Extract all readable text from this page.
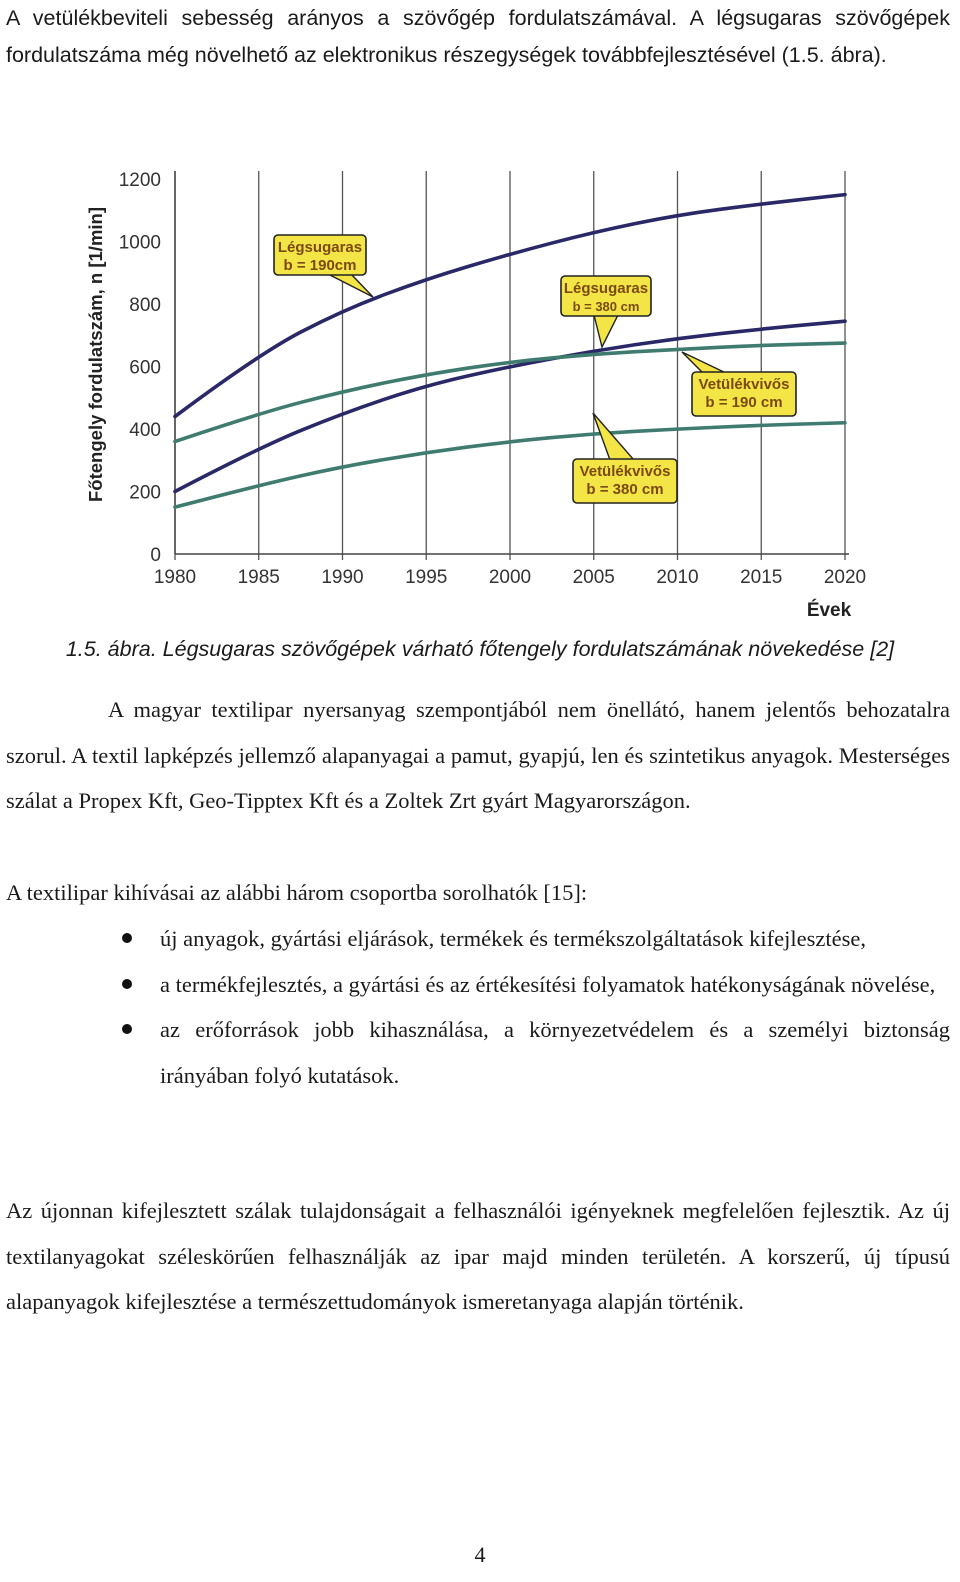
A vetülékbeviteli sebesség arányos a szövőgép fordulatszámával. A légsugaras szövőgépek fordulatszáma még növelhető az elektronikus részegységek továbbfejlesztésével (1.5. ábra).

1980 1985 1990 1995 2000 2005 2010 2015 2020
0
200
400
600
800
1000
1200
Évek
Főtengely fordulatszám, n [1/min]	Légsugaras
b = 190cm
Légsugaras
b = 380 cm
Vetülékvivős
b = 190 cm
Vetülékvivős
b = 380 cm

1.5. ábra. Légsugaras szövőgépek várható főtengely fordulatszámának növekedése [2]

A magyar textilipar nyersanyag szempontjából nem önellátó, hanem jelentős behozatalra szorul. A textil lapképzés jellemző alapanyagai a pamut, gyapjú, len és szintetikus anyagok. Mesterséges szálat a Propex Kft, Geo-Tipptex Kft és a Zoltek Zrt gyárt Magyarországon.

A textilipar kihívásai az alábbi három csoportba sorolhatók [15]:

új anyagok, gyártási eljárások, termékek és termékszolgáltatások kifejlesztése,
a termékfejlesztés, a gyártási és az értékesítési folyamatok hatékonyságának növelése,
az erőforrások jobb kihasználása, a környezetvédelem és a személyi biztonság irányában folyó kutatások.

Az újonnan kifejlesztett szálak tulajdonságait a felhasználói igényeknek megfelelően fejlesztik. Az új textilanyagokat széleskörűen felhasználják az ipar majd minden területén. A korszerű, új típusú alapanyagok kifejlesztése a természettudományok ismeretanyaga alapján történik.

4
